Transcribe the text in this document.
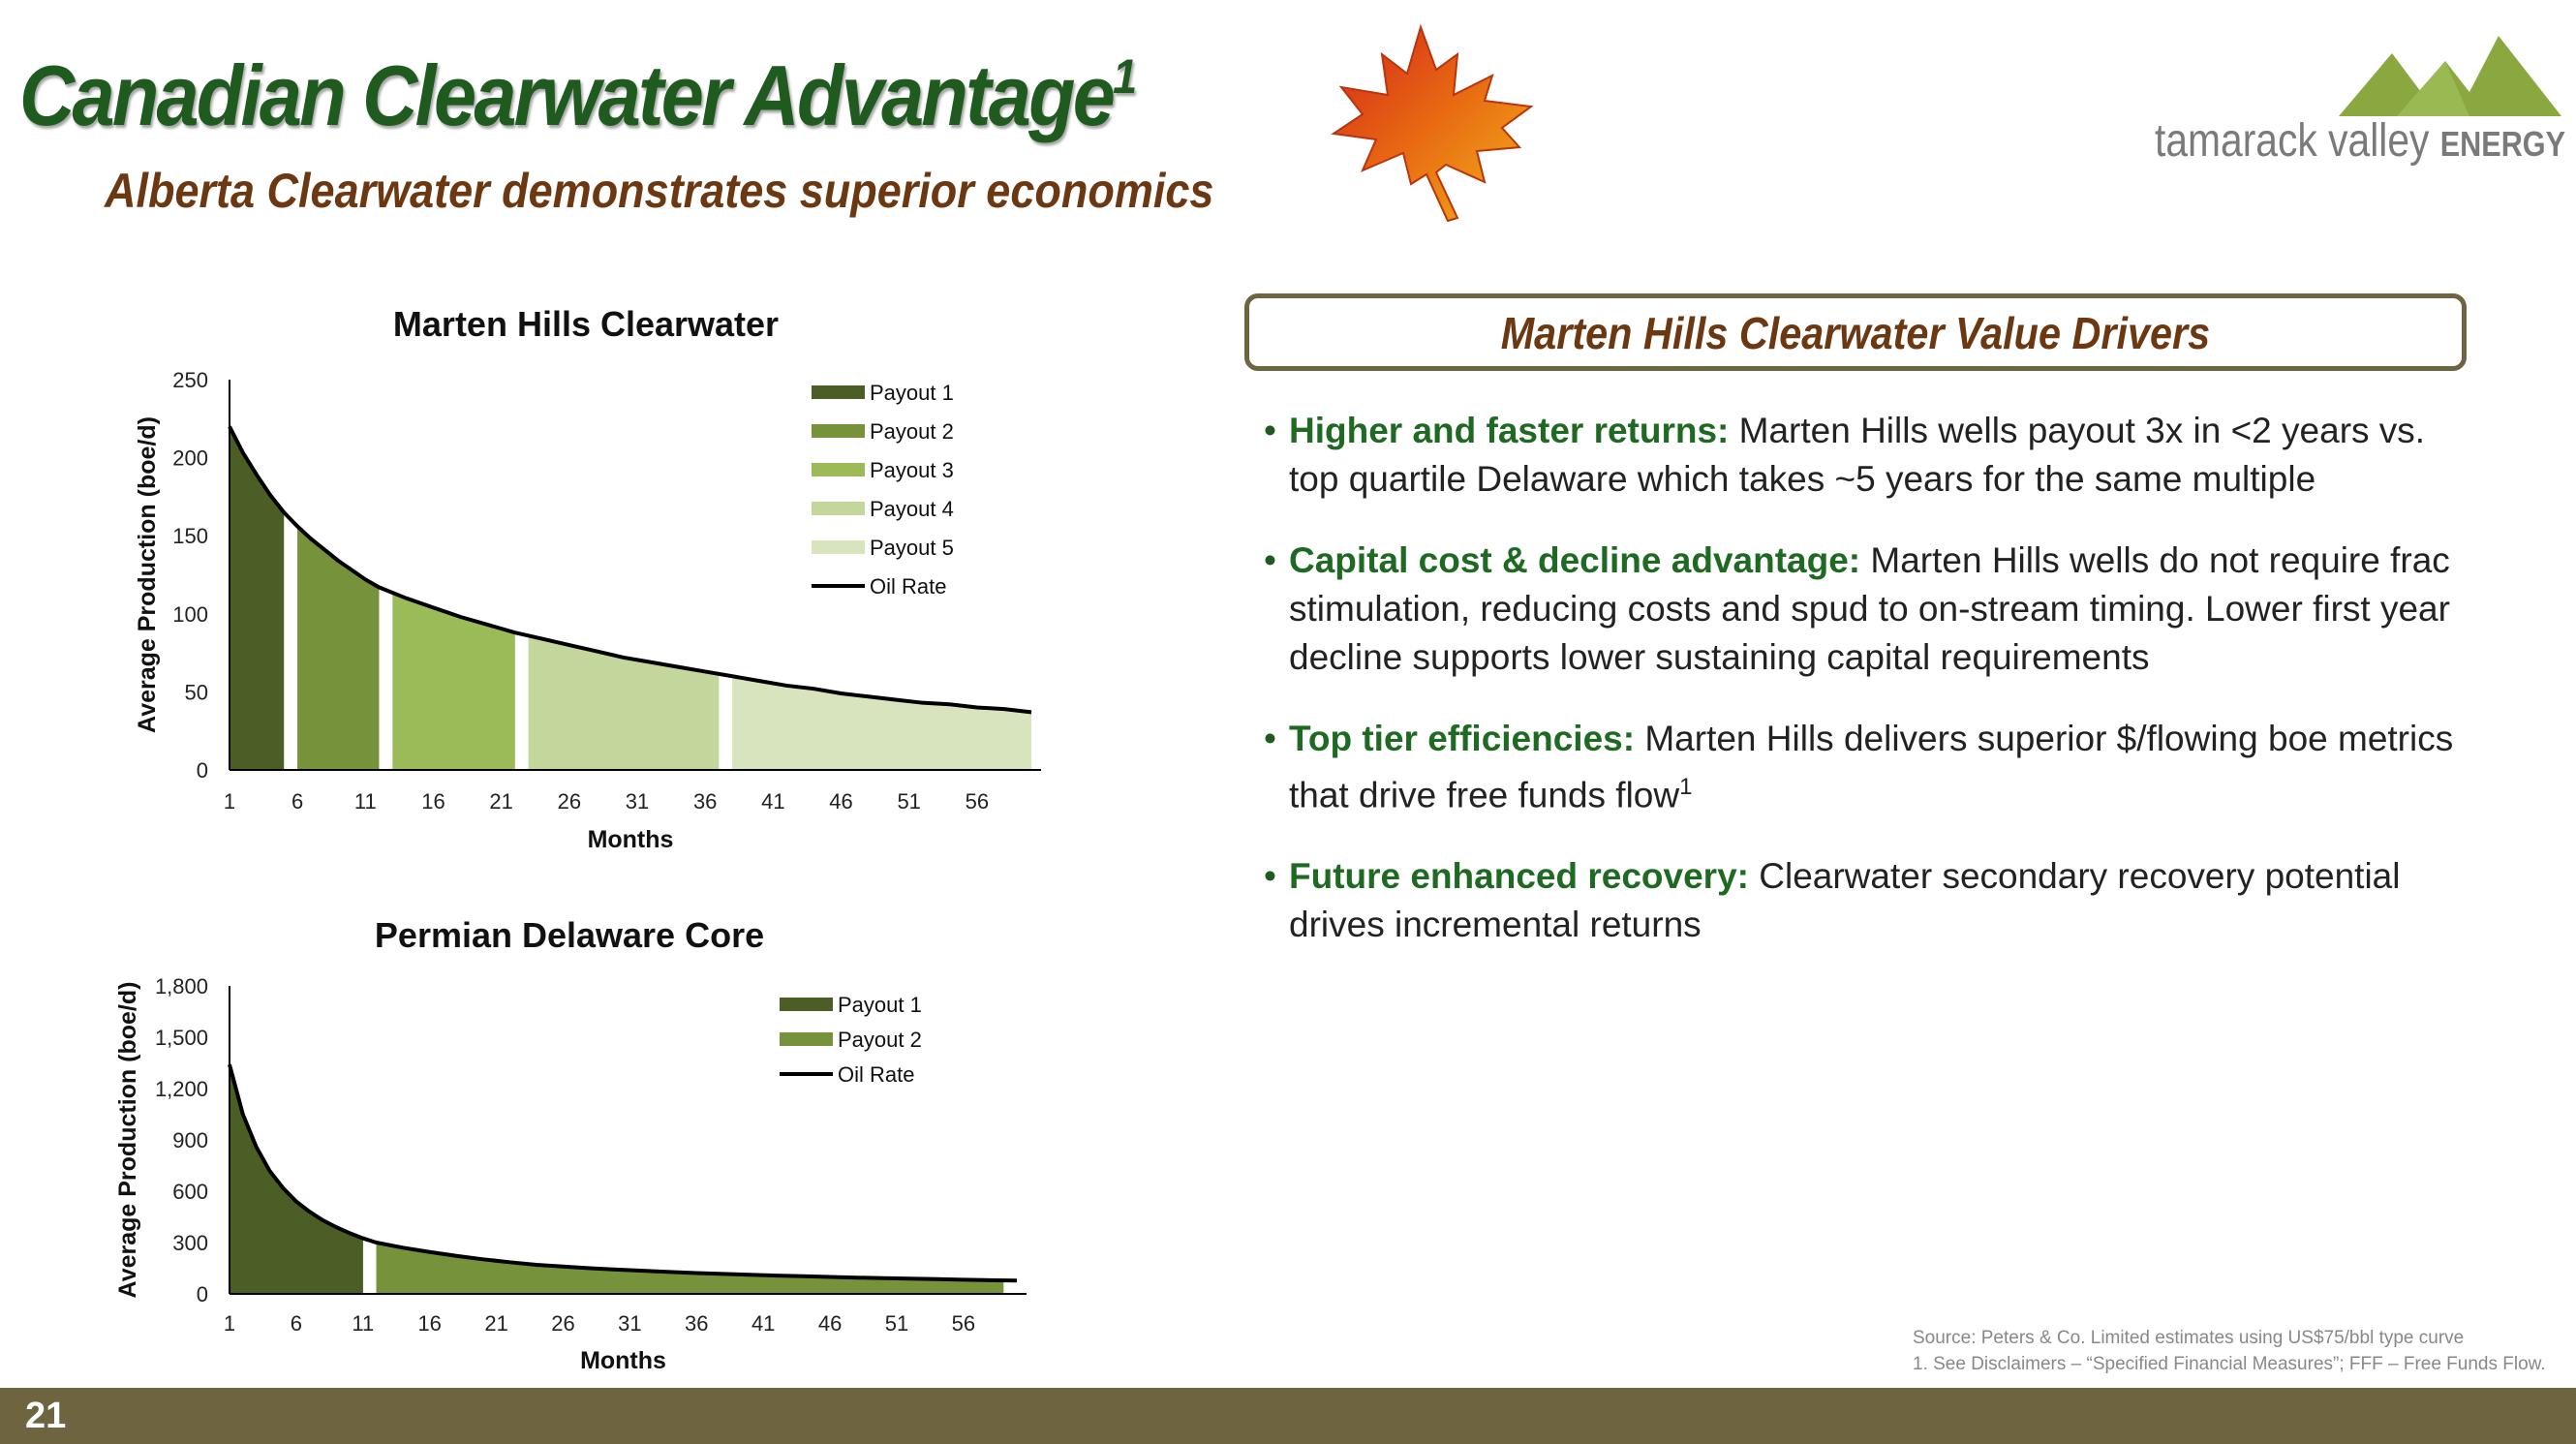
Canadian Clearwater Advantage$^1$
Alberta Clearwater demonstrates superior economics
tamarack valley ENERGY
Marten Hills Clearwater
0
50
100
150
200
250
1	6 11 16 21 26 31 36 41 46 51 56
Months
Average Production (boe/d)
Payout 1
Payout 2
Payout 3
Payout 4
Payout 5
Oil Rate
Permian Delaware Core
0
300
600
900
1,200
1,500
1,800
1	6 11 16 21 26 31 36 41 46 51 56
Months
Average Production (boe/d)	Payout 1
Payout 2
Oil Rate
Marten Hills Clearwater Value Drivers
• Higher and faster returns: Marten Hills wells payout 3x in <2 years vs. top quartile Delaware which takes ~5 years for the same multiple
• Capital cost & decline advantage: Marten Hills wells do not require frac stimulation, reducing costs and spud to on-stream timing. Lower first year decline supports lower sustaining capital requirements
• Top tier efficiencies: Marten Hills delivers superior $/flowing boe metrics that drive free funds flow$^1$
• Future enhanced recovery: Clearwater secondary recovery potential drives incremental returns
Source: Peters & Co. Limited estimates using US$75/bbl type curve
1. See Disclaimers – “Specified Financial Measures”; FFF – Free Funds Flow.
21
